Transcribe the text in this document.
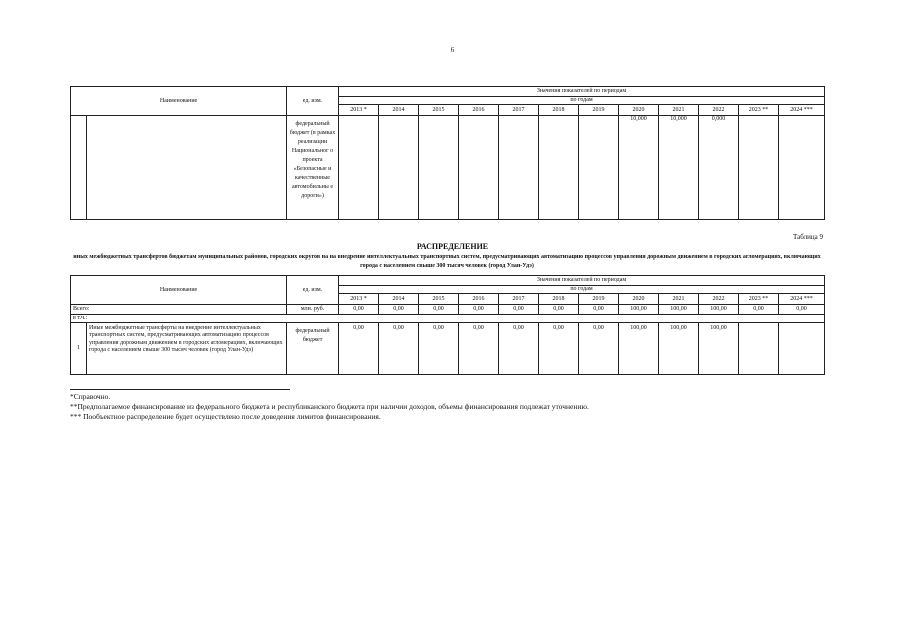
6
Наименование		ед. изм.	Значения показателей по периодам											
			по годам											
			2013 *	2014	2015	2016	2017	2018	2019	2020	2021	2022	2023 **	2024 ***
		федеральный бюджет (в рамках реализации Национальног о проекта «Безопасные и качественные автомобильны е дороги»)								10,000	10,000	0,000		
Таблица 9
РАСПРЕДЕЛЕНИЕ
иных межбюджетных трансфертов бюджетам муниципальных районов, городских округов на на внедрение интеллектуальных транспортных систем, предусматривающих автоматизацию процессов управления дорожным движением в городских агломерациях, включающих города с населением свыше 300 тысяч человек (город Улан-Удэ)
Наименование		ед. изм.	Значения показателей по периодам											
			по годам											
			2013 *	2014	2015	2016	2017	2018	2019	2020	2021	2022	2023 **	2024 ***
Всего:		млн. руб.	0,00	0,00	0,00	0,00	0,00	0,00	0,00	100,00	100,00	100,00	0,00	0,00
в т.ч.:														
1	Иные межбюджетные трансферты на внедрение интеллектуальных транспортных систем, предусматривающих автоматизацию процессов управления дорожным движением в городских агломерациях, включающих города с населением свыше 300 тысяч человек (город Улан-Удэ)	федеральный бюджет	0,00	0,00	0,00	0,00	0,00	0,00	0,00	100,00	100,00	100,00		
*Справочно.
**Предполагаемое финансирование из федерального бюджета и республиканского бюджета при наличии доходов, объемы финансирования подлежат уточнению.
*** Пообъектное распределение будет осуществлено после доведения лимитов финансирования.
